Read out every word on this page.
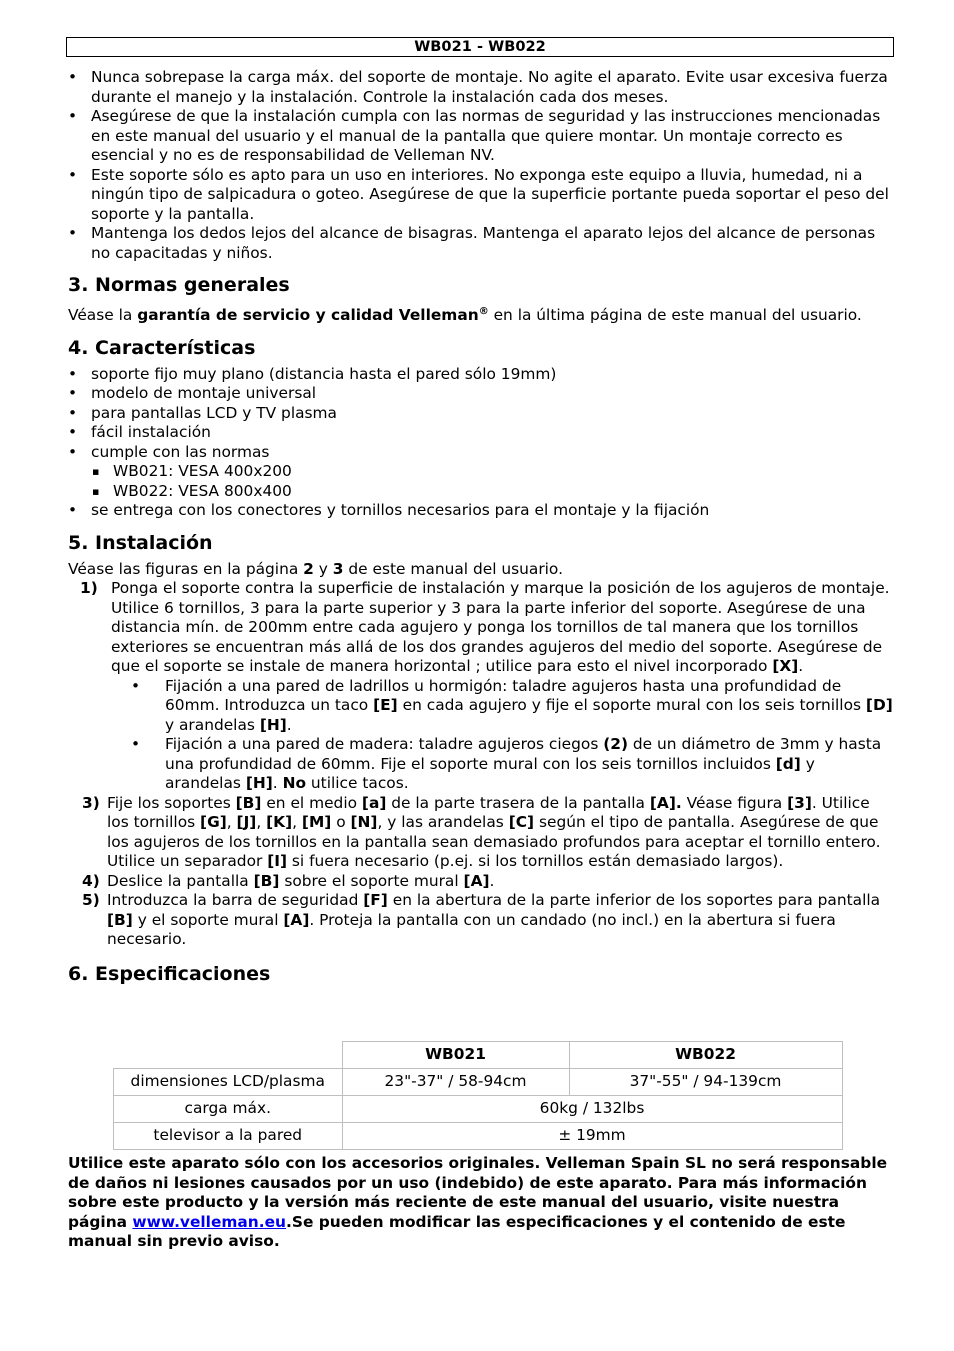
WB021 - WB022
• Nunca sobrepase la carga máx. del soporte de montaje. No agite el aparato. Evite usar excesiva fuerza durante el manejo y la instalación. Controle la instalación cada dos meses.
• Asegúrese de que la instalación cumpla con las normas de seguridad y las instrucciones mencionadas en este manual del usuario y el manual de la pantalla que quiere montar. Un montaje correcto es esencial y no es de responsabilidad de Velleman NV.
• Este soporte sólo es apto para un uso en interiores. No exponga este equipo a lluvia, humedad, ni a ningún tipo de salpicadura o goteo. Asegúrese de que la superficie portante pueda soportar el peso del soporte y la pantalla.
• Mantenga los dedos lejos del alcance de bisagras. Mantenga el aparato lejos del alcance de personas no capacitadas y niños.
3. Normas generales

Véase la garantía de servicio y calidad Velleman® en la última página de este manual del usuario.

4. Características
• soporte fijo muy plano (distancia hasta el pared sólo 19mm)
• modelo de montaje universal
• para pantallas LCD y TV plasma
• fácil instalación
• cumple con las normas
▪ WB021: VESA 400x200
▪ WB022: VESA 800x400
• se entrega con los conectores y tornillos necesarios para el montaje y la fijación
5. Instalación

Véase las figuras en la página 2 y 3 de este manual del usuario.

1) Ponga el soporte contra la superficie de instalación y marque la posición de los agujeros de montaje. Utilice 6 tornillos, 3 para la parte superior y 3 para la parte inferior del soporte. Asegúrese de una distancia mín. de 200mm entre cada agujero y ponga los tornillos de tal manera que los tornillos exteriores se encuentran más allá de los dos grandes agujeros del medio del soporte. Asegúrese de que el soporte se instale de manera horizontal ; utilice para esto el nivel incorporado [X].

• Fijación a una pared de ladrillos u hormigón: taladre agujeros hasta una profundidad de 60mm. Introduzca un taco [E] en cada agujero y fije el soporte mural con los seis tornillos [D] y arandelas [H].
• Fijación a una pared de madera: taladre agujeros ciegos (2) de un diámetro de 3mm y hasta una profundidad de 60mm. Fije el soporte mural con los seis tornillos incluidos [d] y arandelas [H]. No utilice tacos.
3) Fije los soportes [B] en el medio [a] de la parte trasera de la pantalla [A]. Véase figura [3]. Utilice los tornillos [G], [J], [K], [M] o [N], y las arandelas [C] según el tipo de pantalla. Asegúrese de que los agujeros de los tornillos en la pantalla sean demasiado profundos para aceptar el tornillo entero. Utilice un separador [I] si fuera necesario (p.ej. si los tornillos están demasiado largos).

4) Deslice la pantalla [B] sobre el soporte mural [A].

5) Introduzca la barra de seguridad [F] en la abertura de la parte inferior de los soportes para pantalla [B] y el soporte mural [A]. Proteja la pantalla con un candado (no incl.) en la abertura si fuera necesario.

6. Especificaciones
	WB021	WB022
dimensiones LCD/plasma	23"-37" / 58-94cm	37"-55" / 94-139cm
carga máx.	60kg / 132lbs	
televisor a la pared	± 19mm	

Utilice este aparato sólo con los accesorios originales. Velleman Spain SL no será responsable de daños ni lesiones causados por un uso (indebido) de este aparato. Para más información sobre este producto y la versión más reciente de este manual del usuario, visite nuestra página www.velleman.eu.Se pueden modificar las especificaciones y el contenido de este manual sin previo aviso.
